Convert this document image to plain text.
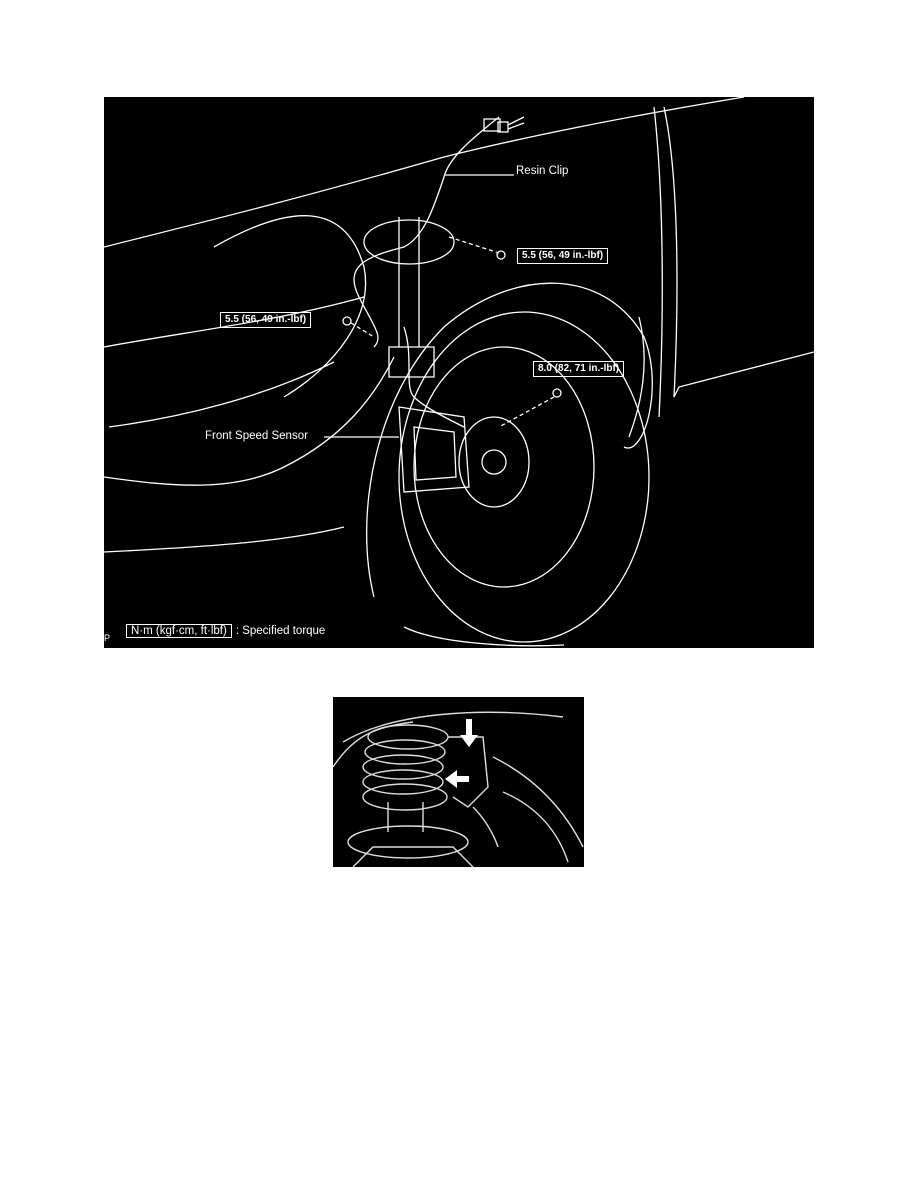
Resin Clip
5.5 (56, 49 in.-lbf)
5.5 (56, 49 in.-lbf)
8.0 (82, 71 in.-lbf)
Front Speed Sensor
N·m (kgf·cm, ft·lbf) : Specified torque
P
